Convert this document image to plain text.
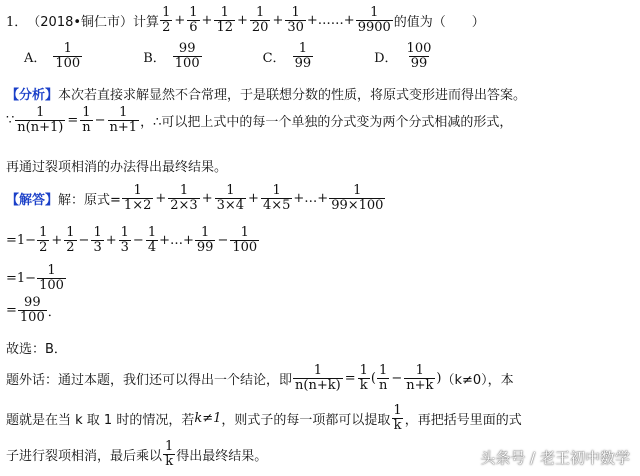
1． （2018•铜仁市） 计算 $\frac{1}{2} + \frac{1}{6} + \frac{1}{12} + \frac{1}{20} + \frac{1}{30}$ +……+ $\frac{1}{9900}$ 的值为（　　）
A． $\frac{1}{100}$	B． $\frac{99}{100}$	C． $\frac{1}{99}$	D． $\frac{100}{99}$
【分析】 本次若直接求解显然不合常理，于是联想分数的性质，将原式变形进而得出答案。
∵ $\frac{1}{n(n+1)} = \frac{1}{n} - \frac{1}{n+1}$ ，∴可以把上式中的每一个单独的分式变为两个分式相减的形式，
再通过裂项相消的办法得出最终结果。
【解答】 解：原式= $\frac{1}{1\times 2} + \frac{1}{2\times 3} + \frac{1}{3\times 4} + \frac{1}{4\times 5}$ +…+ $\frac{1}{99\times 100}$
$=1- \frac{1}{2} + \frac{1}{2} - \frac{1}{3} + \frac{1}{3} - \frac{1}{4}$ +…+ $\frac{1}{99} - \frac{1}{100}$
$=1- \frac{1}{100}$
= $\frac{99}{100}$ ．
故选：B．
题外话：通过本题，我们还可以得出一个结论，即 $\frac{1}{n(n+k)} = \frac{1}{k}$ ( $\frac{1}{n} - \frac{1}{n+k}$ ) （k≠0），本
题就是在当 k 取 1 时的情况，若 k≠1 ，则式子的每一项都可以提取 $\frac{1}{k}$ ，再把括号里面的式
子进行裂项相消，最后乘以 $\frac{1}{k}$ 得出最终结果。	头条号 / 老王初中数学
